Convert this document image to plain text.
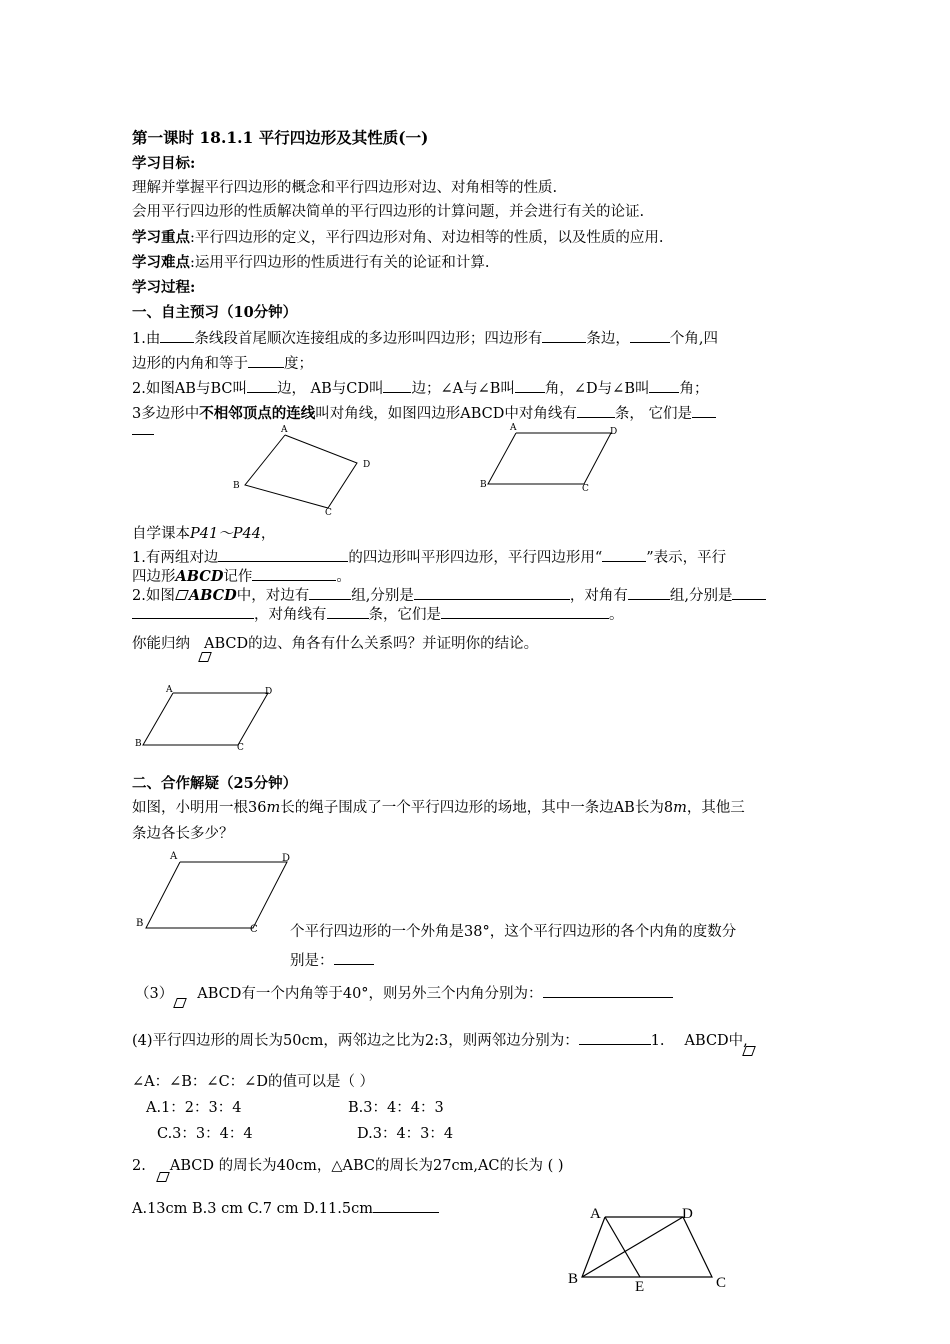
第一课时 18.1.1 平行四边形及其性质(一)
学习目标:
理解并掌握平行四边形的概念和平行四边形对边、对角相等的性质.
会用平行四边形的性质解决简单的平行四边形的计算问题，并会进行有关的论证.
学习重点:平行四边形的定义，平行四边形对角、对边相等的性质，以及性质的应用.
学习难点:运用平行四边形的性质进行有关的论证和计算.
学习过程:
一、自主预习（10分钟）
1.由 条线段首尾顺次连接组成的多边形叫四边形；四边形有	条边，	个角,四
边形的内角和等于 度；
2.如图AB与BC叫 边， AB与CD叫 边；∠A与∠B叫 角，∠D与∠B叫 角；
3多边形中不相邻顶点的连线叫对角线，如图四边形ABCD中对角线有	条， 它们是
A
B
C
D
A	D
B	C
自学课本P41～P44，
1.有两组对边	的四边形叫平形四边形，平行四边形用“	”表示，平行
四边形ABCD记作	。
2.如图 ABCD中，对边有	组,分别是	，对角有	组,分别是
，对角线有	条，它们是	。
你能归纳 ABCD的边、角各有什么关系吗？并证明你的结论。
A	D
B	C
二、合作解疑（25分钟）
如图，小明用一根36m长的绳子围成了一个平行四边形的场地，其中一条边AB长为8m，其他三
条边各长多少？
A	D
B
C 个平行四边形的一个外角是38°，这个平行四边形的各个内角的度数分
别是：
（3） ABCD有一个内角等于40°，则另外三个内角分别为：
(4)平行四边形的周长为50cm，两邻边之比为2:3，则两邻边分别为：	1. ABCD中,
∠A：∠B：∠C：∠D的值可以是（ ）
A.1：2：3：4	B.3：4：4：3
C.3：3：4：4	D.3：4：3：4
2. ABCD 的周长为40cm，△ABC的周长为27cm,AC的长为 ( )
A.13cm B.3 cm C.7 cm D.11.5cm	A	D
B	E	C
